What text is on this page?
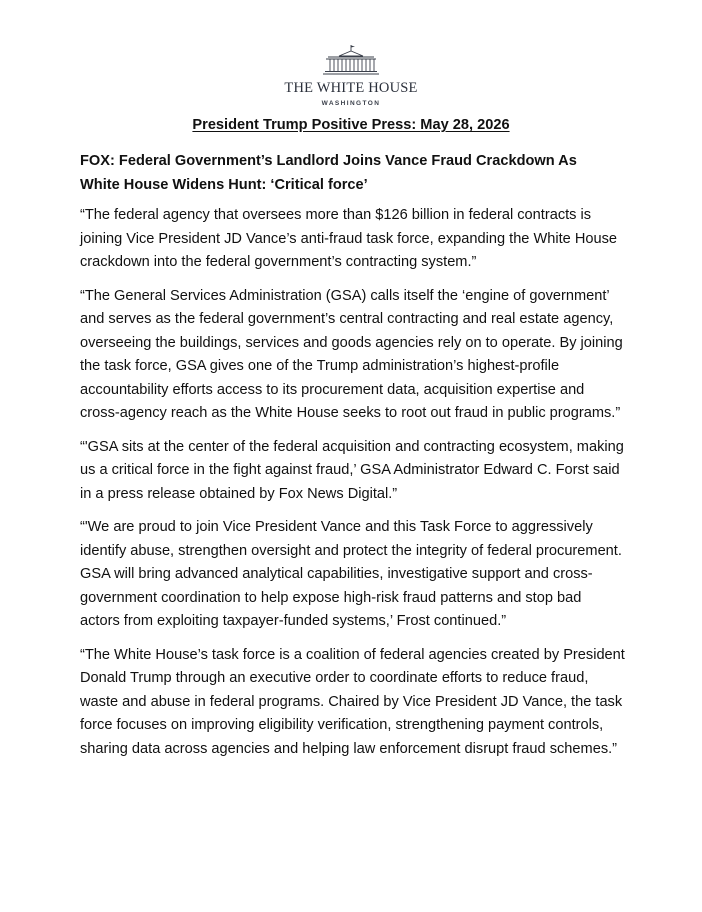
THE WHITE HOUSE
WASHINGTON
President Trump Positive Press: May 28, 2026
FOX: Federal Government’s Landlord Joins Vance Fraud Crackdown As White House Widens Hunt: ‘Critical force’

“The federal agency that oversees more than $126 billion in federal contracts is joining Vice President JD Vance’s anti-fraud task force, expanding the White House crackdown into the federal government’s contracting system.”

“The General Services Administration (GSA) calls itself the ‘engine of government’ and serves as the federal government’s central contracting and real estate agency, overseeing the buildings, services and goods agencies rely on to operate. By joining the task force, GSA gives one of the Trump administration’s highest-profile accountability efforts access to its procurement data, acquisition expertise and cross-agency reach as the White House seeks to root out fraud in public programs.”

“'GSA sits at the center of the federal acquisition and contracting ecosystem, making us a critical force in the fight against fraud,’ GSA Administrator Edward C. Forst said in a press release obtained by Fox News Digital.”

“'We are proud to join Vice President Vance and this Task Force to aggressively identify abuse, strengthen oversight and protect the integrity of federal procurement. GSA will bring advanced analytical capabilities, investigative support and cross-government coordination to help expose high-risk fraud patterns and stop bad actors from exploiting taxpayer-funded systems,’ Frost continued.”

“The White House’s task force is a coalition of federal agencies created by President Donald Trump through an executive order to coordinate efforts to reduce fraud, waste and abuse in federal programs. Chaired by Vice President JD Vance, the task force focuses on improving eligibility verification, strengthening payment controls, sharing data across agencies and helping law enforcement disrupt fraud schemes.”
